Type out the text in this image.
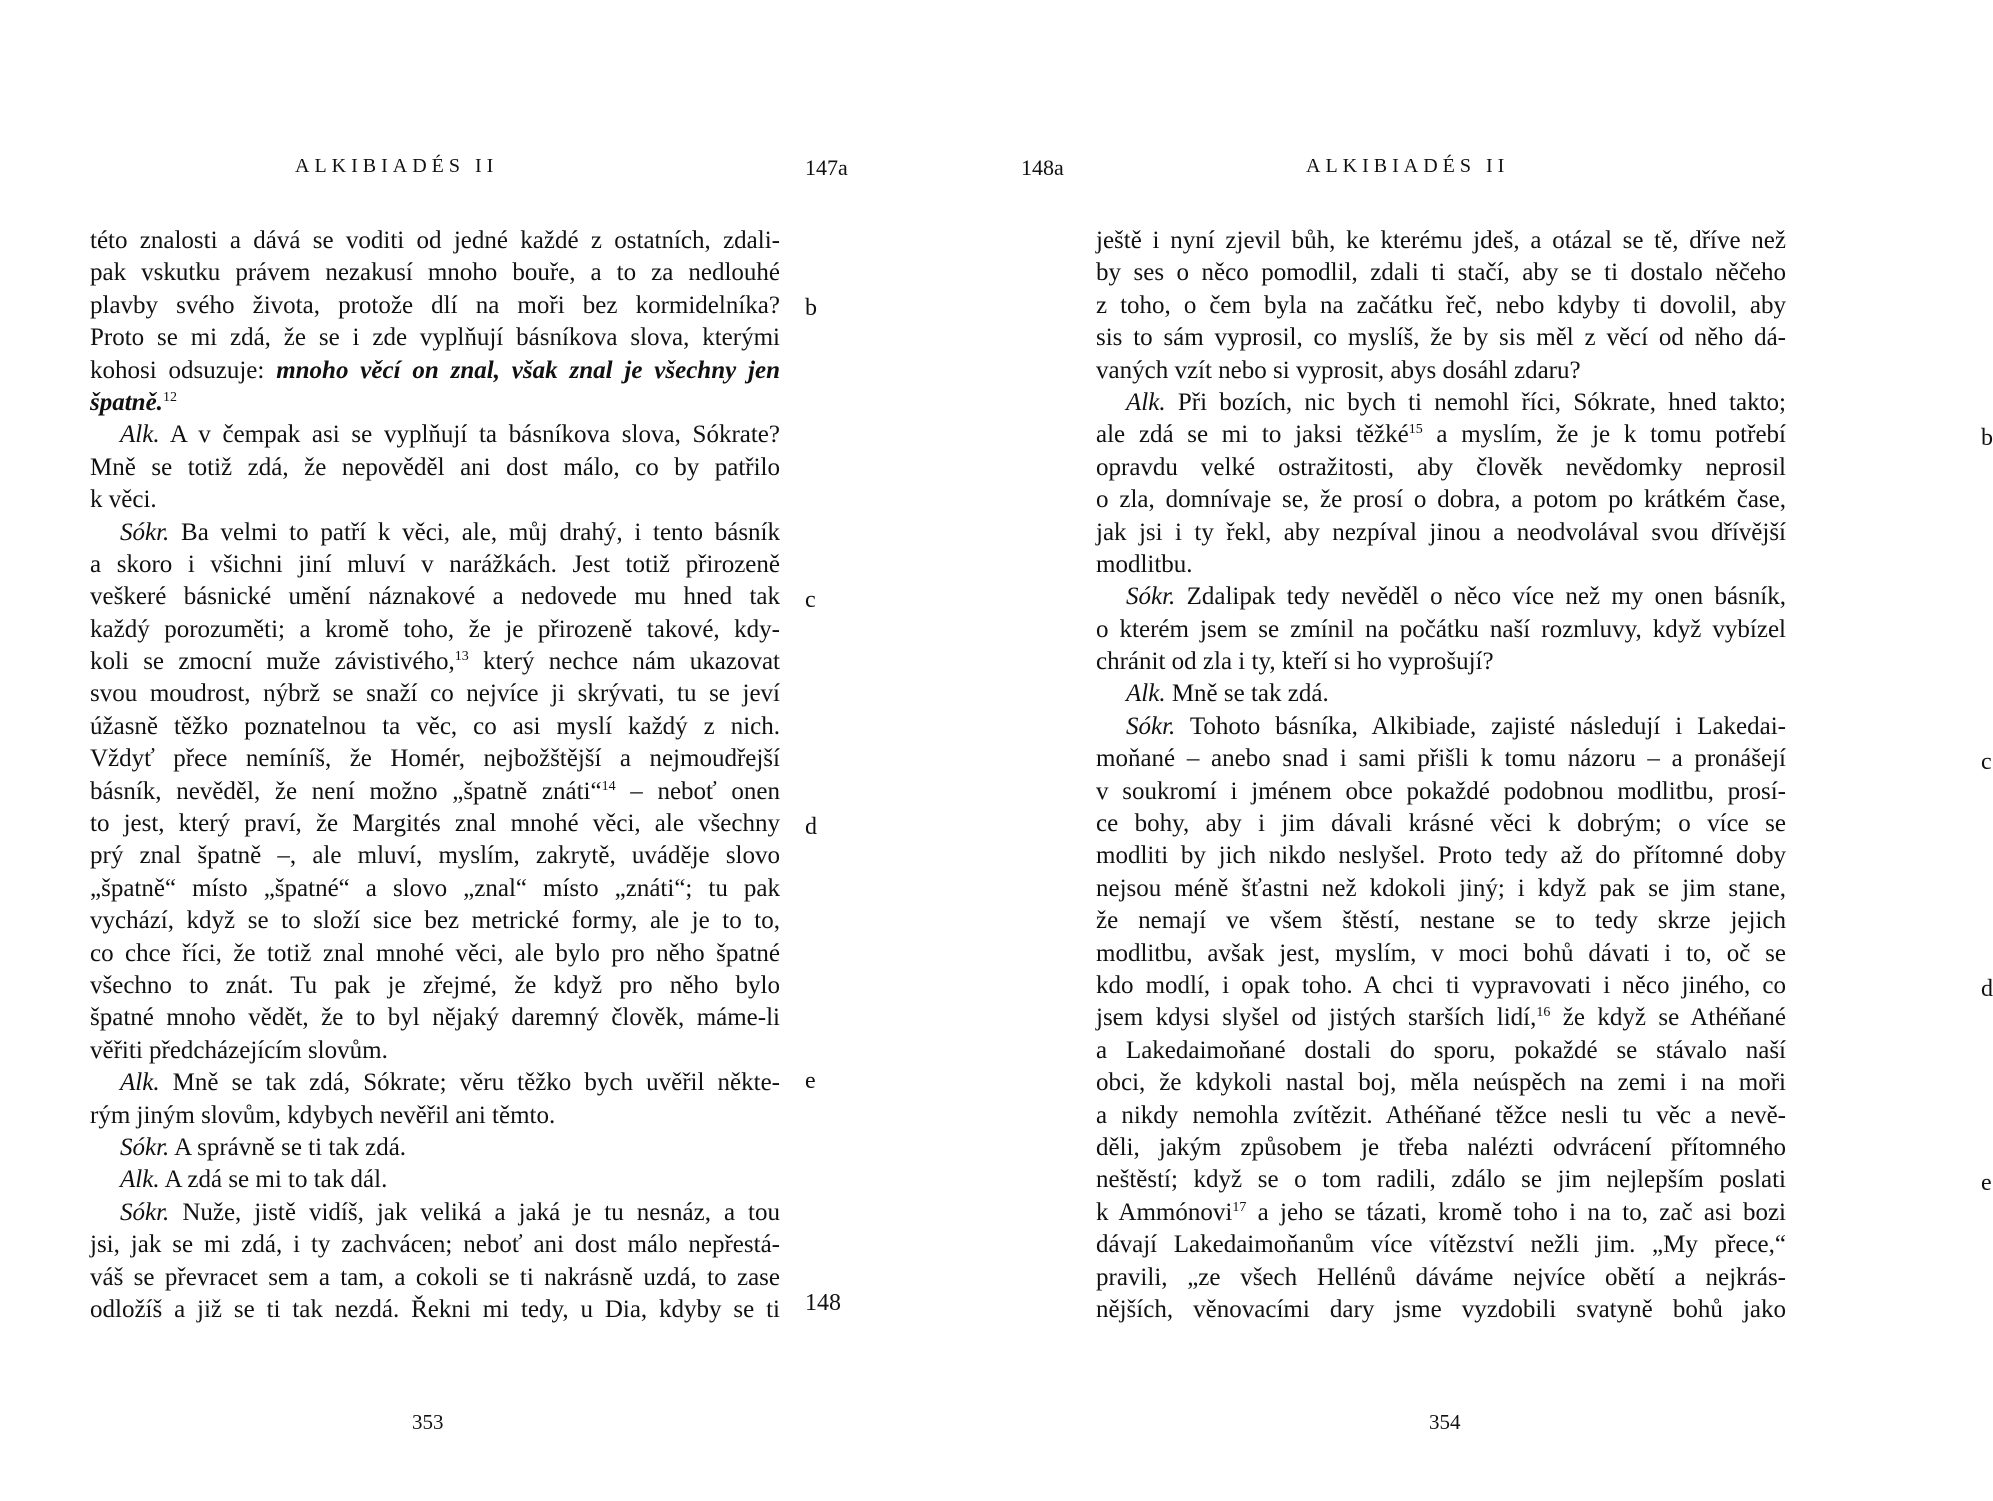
ALKIBIADÉS II	147a
této znalosti a dává se voditi od jedné každé z ostatních, zdali-
pak vskutku právem nezakusí mnoho bouře, a to za nedlouhé
plavby svého života, protože dlí na moři bez kormidelníka?
Proto se mi zdá, že se i zde vyplňují básníkova slova, kterými
kohosi odsuzuje: mnoho věcí on znal, však znal je všechny jen
špatně.$^{12}$
Alk. A v čempak asi se vyplňují ta básníkova slova, Sókrate?
Mně se totiž zdá, že nepověděl ani dost málo, co by patřilo
k věci.
Sókr. Ba velmi to patří k věci, ale, můj drahý, i tento básník
a skoro i všichni jiní mluví v narážkách. Jest totiž přirozeně
veškeré básnické umění náznakové a nedovede mu hned tak
každý porozuměti; a kromě toho, že je přirozeně takové, kdy-
koli se zmocní muže závistivého,$^{13}$ který nechce nám ukazovat
svou moudrost, nýbrž se snaží co nejvíce ji skrývati, tu se jeví
úžasně těžko poznatelnou ta věc, co asi myslí každý z nich.
Vždyť přece nemíníš, že Homér, nejbožštější a nejmoudřejší
básník, nevěděl, že není možno „špatně znáti“$^{14}$ – neboť onen
to jest, který praví, že Margités znal mnohé věci, ale všechny
prý znal špatně –, ale mluví, myslím, zakrytě, uváděje slovo
„špatně“ místo „špatné“ a slovo „znal“ místo „znáti“; tu pak
vychází, když se to složí sice bez metrické formy, ale je to to,
co chce říci, že totiž znal mnohé věci, ale bylo pro něho špatné
všechno to znát. Tu pak je zřejmé, že když pro něho bylo
špatné mnoho vědět, že to byl nějaký daremný člověk, máme-li
věřiti předcházejícím slovům.
Alk. Mně se tak zdá, Sókrate; věru těžko bych uvěřil někte-
rým jiným slovům, kdybych nevěřil ani těmto.
Sókr. A správně se ti tak zdá.
Alk. A zdá se mi to tak dál.
Sókr. Nuže, jistě vidíš, jak veliká a jaká je tu nesnáz, a tou
jsi, jak se mi zdá, i ty zachvácen; neboť ani dost málo nepřestá-
váš se převracet sem a tam, a cokoli se ti nakrásně uzdá, to zase
odložíš a již se ti tak nezdá. Řekni mi tedy, u Dia, kdyby se ti
b
c
d
e
148
353
148a	ALKIBIADÉS II
ještě i nyní zjevil bůh, ke kterému jdeš, a otázal se tě, dříve než
by ses o něco pomodlil, zdali ti stačí, aby se ti dostalo něčeho
z toho, o čem byla na začátku řeč, nebo kdyby ti dovolil, aby
sis to sám vyprosil, co myslíš, že by sis měl z věcí od něho dá-
vaných vzít nebo si vyprosit, abys dosáhl zdaru?
Alk. Při bozích, nic bych ti nemohl říci, Sókrate, hned takto;
ale zdá se mi to jaksi těžké$^{15}$ a myslím, že je k tomu potřebí
opravdu velké ostražitosti, aby člověk nevědomky neprosil
o zla, domnívaje se, že prosí o dobra, a potom po krátkém čase,
jak jsi i ty řekl, aby nezpíval jinou a neodvolával svou dřívější
modlitbu.
Sókr. Zdalipak tedy nevěděl o něco více než my onen básník,
o kterém jsem se zmínil na počátku naší rozmluvy, když vybízel
chránit od zla i ty, kteří si ho vyprošují?
Alk. Mně se tak zdá.
Sókr. Tohoto básníka, Alkibiade, zajisté následují i Lakedai-
moňané – anebo snad i sami přišli k tomu názoru – a pronášejí
v soukromí i jménem obce pokaždé podobnou modlitbu, prosí-
ce bohy, aby i jim dávali krásné věci k dobrým; o více se
modliti by jich nikdo neslyšel. Proto tedy až do přítomné doby
nejsou méně šťastni než kdokoli jiný; i když pak se jim stane,
že nemají ve všem štěstí, nestane se to tedy skrze jejich
modlitbu, avšak jest, myslím, v moci bohů dávati i to, oč se
kdo modlí, i opak toho. A chci ti vypravovati i něco jiného, co
jsem kdysi slyšel od jistých starších lidí,$^{16}$ že když se Athéňané
a Lakedaimoňané dostali do sporu, pokaždé se stávalo naší
obci, že kdykoli nastal boj, měla neúspěch na zemi i na moři
a nikdy nemohla zvítězit. Athéňané těžce nesli tu věc a nevě-
děli, jakým způsobem je třeba nalézti odvrácení přítomného
neštěstí; když se o tom radili, zdálo se jim nejlepším poslati
k Ammónovi$^{17}$ a jeho se tázati, kromě toho i na to, zač asi bozi
dávají Lakedaimoňanům více vítězství nežli jim. „My přece,“
pravili, „ze všech Hellénů dáváme nejvíce obětí a nejkrás-
nějších, věnovacími dary jsme vyzdobili svatyně bohů jako
b
c
d
e
354
